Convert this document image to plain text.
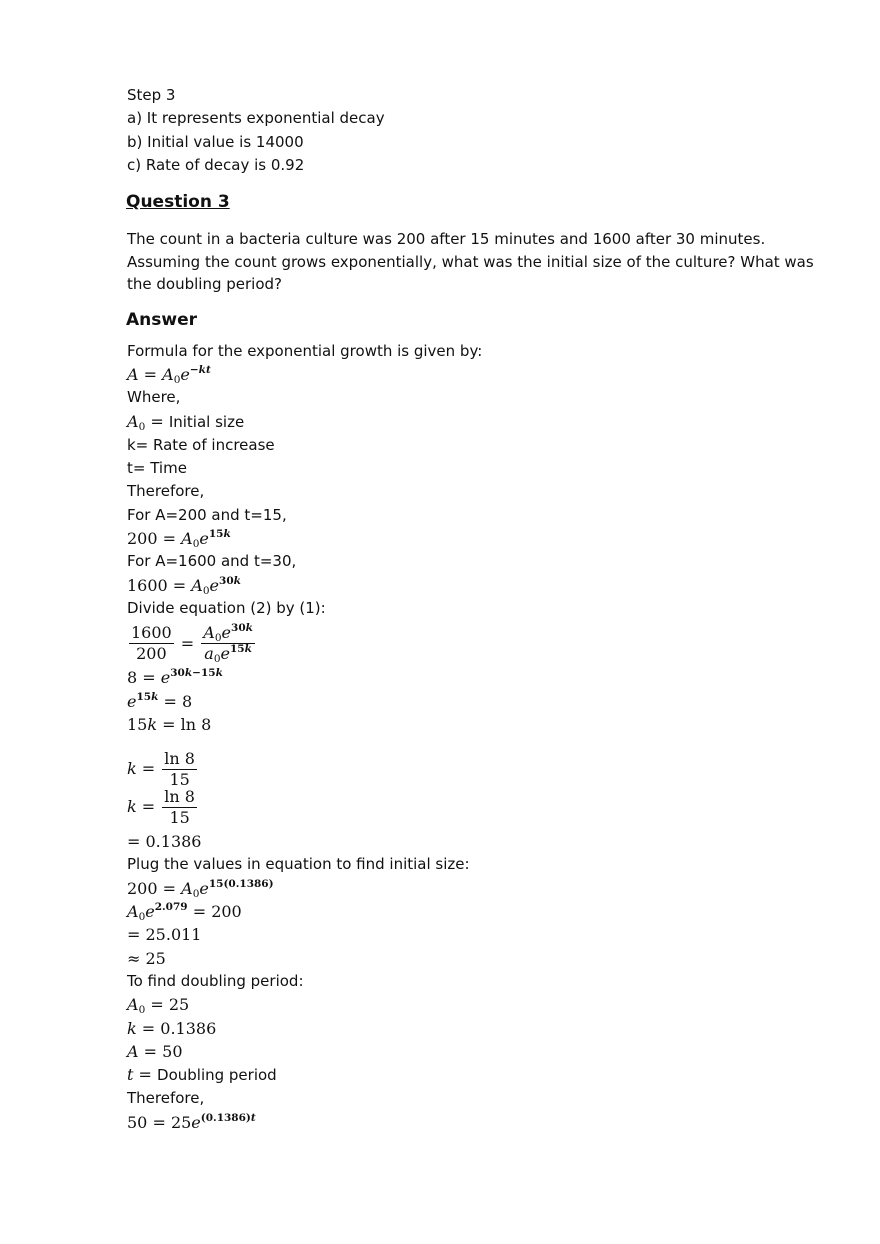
Step 3
a) It represents exponential decay
b) Initial value is 14000
c) Rate of decay is 0.92
Question 3
The count in a bacteria culture was 200 after 15 minutes and 1600 after 30 minutes. Assuming the count grows exponentially, what was the initial size of the culture? What was the doubling period?
Answer
Formula for the exponential growth is given by:
$A = A_0e^{-kt}$
Where,
$A_0$ = Initial size
k= Rate of increase
t= Time
Therefore,
For A=200 and t=15,
$200 = A_0e^{15k}$
For A=1600 and t=30,
$1600 = A_0e^{30k}$
Divide equation (2) by (1):
$\frac{1600}{200} = \frac{A_0e^{30k}}{a_0e^{15k}}$
$8 = e^{30k-15k}$
$e^{15k} = 8$
15k = ln 8
$k = \frac{\ln 8}{15}$
$k = \frac{\ln 8}{15}$
= 0.1386
Plug the values in equation to find initial size:
$200 = A_0e^{15(0.1386)}$
$A_0e^{2.079} = 200$
= 25.011
≈ 25
To find doubling period:
$A_0 = 25$
k = 0.1386
A = 50
t = Doubling period
Therefore,
$50 = 25e^{(0.1386)t}$
